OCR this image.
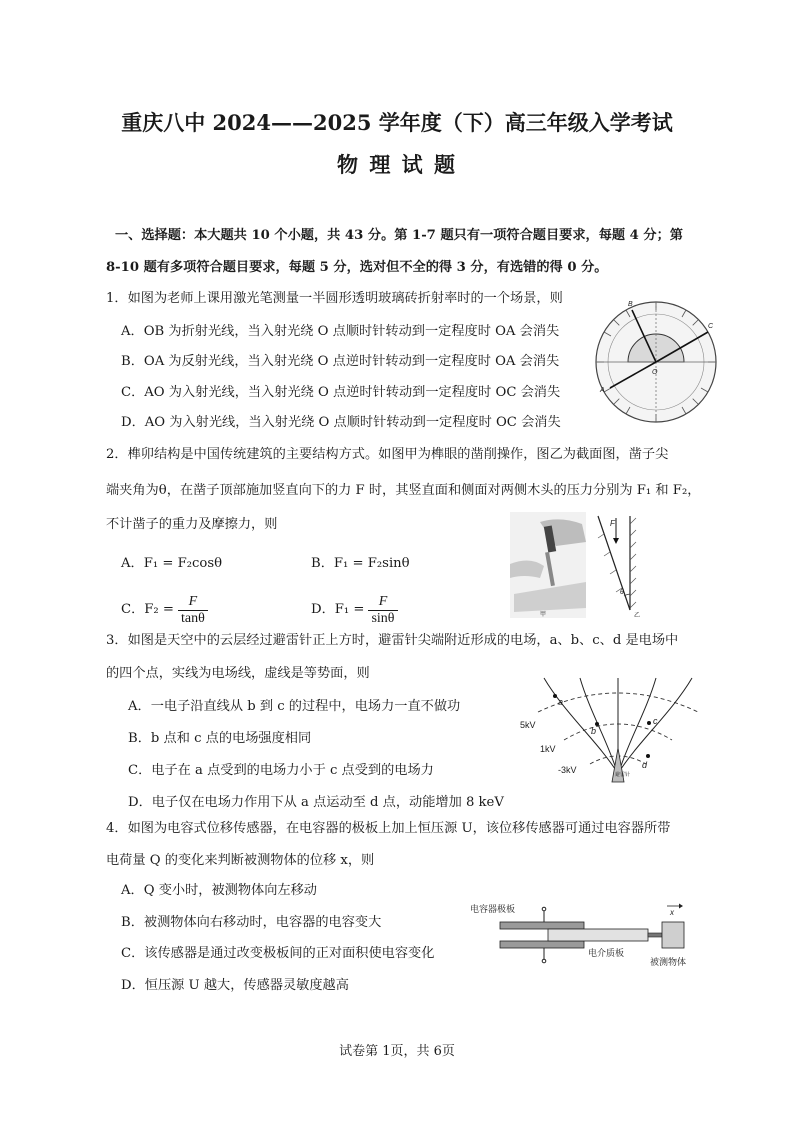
重庆八中 2024——2025 学年度（下）高三年级入学考试
物 理 试 题
一、选择题：本大题共 10 个小题，共 43 分。第 1-7 题只有一项符合题目要求，每题 4 分；第
8-10 题有多项符合题目要求，每题 5 分，选对但不全的得 3 分，有选错的得 0 分。
1．如图为老师上课用激光笔测量一半圆形透明玻璃砖折射率时的一个场景，则
A．OB 为折射光线，当入射光绕 O 点顺时针转动到一定程度时 OA 会消失
B．OA 为反射光线，当入射光绕 O 点逆时针转动到一定程度时 OA 会消失
C．AO 为入射光线，当入射光绕 O 点逆时针转动到一定程度时 OC 会消失
D．AO 为入射光线，当入射光绕 O 点顺时针转动到一定程度时 OC 会消失
B
C
A
O
2．榫卯结构是中国传统建筑的主要结构方式。如图甲为榫眼的凿削操作，图乙为截面图，凿子尖
端夹角为θ，在凿子顶部施加竖直向下的力 F 时，其竖直面和侧面对两侧木头的压力分别为 F₁ 和 F₂，
不计凿子的重力及摩擦力，则
A．F₁ = F₂cosθ	B．F₁ = F₂sinθ
C．$F_2 = \frac{F}{\tan\theta}$	D．$F_1 = \frac{F}{\sin\theta}$	甲
F
θ
乙
3．如图是天空中的云层经过避雷针正上方时，避雷针尖端附近形成的电场，a、b、c、d 是电场中
的四个点，实线为电场线，虚线是等势面，则
A．一电子沿直线从 b 到 c 的过程中，电场力一直不做功
B．b 点和 c 点的电场强度相同
C．电子在 a 点受到的电场力小于 c 点受到的电场力
D．电子仅在电场力作用下从 a 点运动至 d 点，动能增加 8 keV
避雷针
a
b
c
d
5kV
1kV
-3kV
4．如图为电容式位移传感器，在电容器的极板上加上恒压源 U，该位移传感器可通过电容器所带
电荷量 Q 的变化来判断被测物体的位移 x，则
A．Q 变小时，被测物体向左移动
B．被测物体向右移动时，电容器的电容变大
C．该传感器是通过改变极板间的正对面积使电容变化
D．恒压源 U 越大，传感器灵敏度越高
x
电容器极板
电介质板
被测物体
试卷第 1页，共 6页
